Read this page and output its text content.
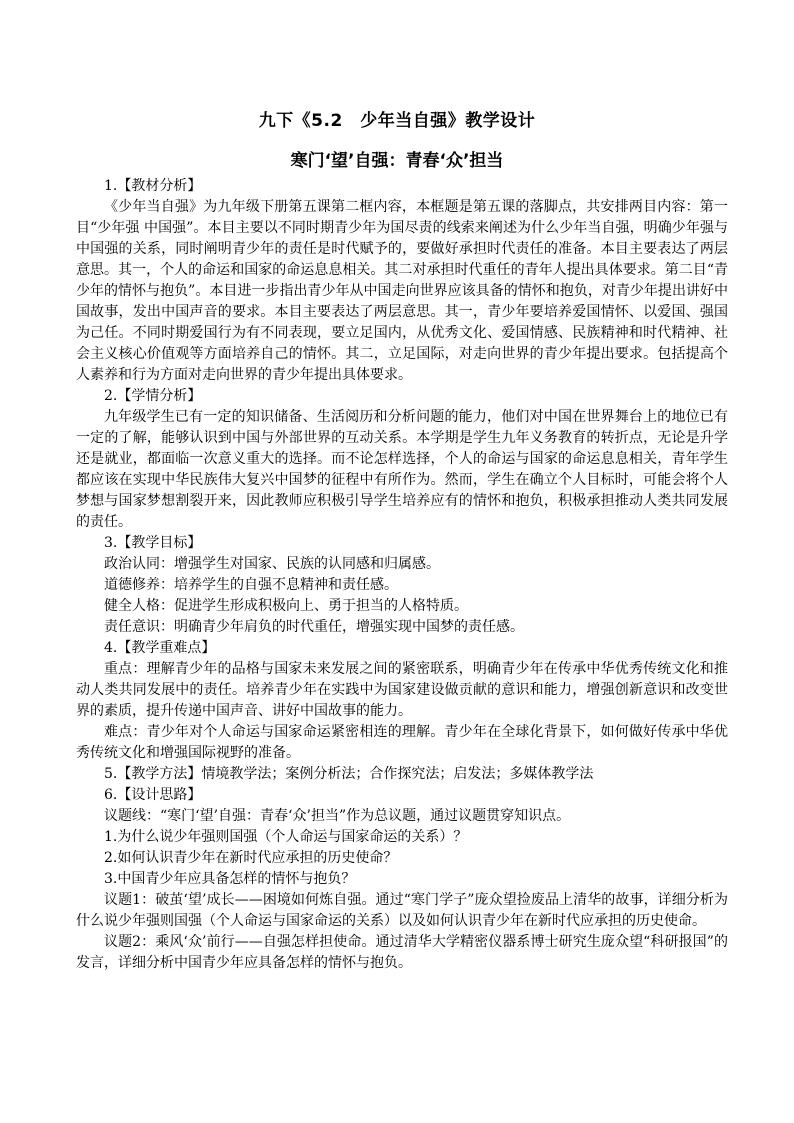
九下《5.2　少年当自强》教学设计
寒门‘望’自强：青春‘众’担当
1.【教材分析】
《少年当自强》为九年级下册第五课第二框内容，本框题是第五课的落脚点，共安排两目内容：第一目“少年强 中国强”。本目主要以不同时期青少年为国尽责的线索来阐述为什么少年当自强，明确少年强与中国强的关系，同时阐明青少年的责任是时代赋予的，要做好承担时代责任的准备。本目主要表达了两层意思。其一，个人的命运和国家的命运息息相关。其二对承担时代重任的青年人提出具体要求。第二目“青少年的情怀与抱负”。本目进一步指出青少年从中国走向世界应该具备的情怀和抱负，对青少年提出讲好中国故事，发出中国声音的要求。本目主要表达了两层意思。其一，青少年要培养爱国情怀、以爱国、强国为己任。不同时期爱国行为有不同表现，要立足国内，从优秀文化、爱国情感、民族精神和时代精神、社会主义核心价值观等方面培养自己的情怀。其二，立足国际，对走向世界的青少年提出要求。包括提高个人素养和行为方面对走向世界的青少年提出具体要求。
2.【学情分析】
九年级学生已有一定的知识储备、生活阅历和分析问题的能力，他们对中国在世界舞台上的地位已有一定的了解，能够认识到中国与外部世界的互动关系。本学期是学生九年义务教育的转折点，无论是升学还是就业，都面临一次意义重大的选择。而不论怎样选择，个人的命运与国家的命运息息相关，青年学生都应该在实现中华民族伟大复兴中国梦的征程中有所作为。然而，学生在确立个人目标时，可能会将个人梦想与国家梦想割裂开来，因此教师应积极引导学生培养应有的情怀和抱负，积极承担推动人类共同发展的责任。
3.【教学目标】
政治认同：增强学生对国家、民族的认同感和归属感。
道德修养：培养学生的自强不息精神和责任感。
健全人格：促进学生形成积极向上、勇于担当的人格特质。
责任意识：明确青少年肩负的时代重任，增强实现中国梦的责任感。
4.【教学重难点】
重点：理解青少年的品格与国家未来发展之间的紧密联系，明确青少年在传承中华优秀传统文化和推动人类共同发展中的责任。培养青少年在实践中为国家建设做贡献的意识和能力，增强创新意识和改变世界的素质，提升传递中国声音、讲好中国故事的能力。
难点：青少年对个人命运与国家命运紧密相连的理解。青少年在全球化背景下，如何做好传承中华优秀传统文化和增强国际视野的准备。
5.【教学方法】情境教学法；案例分析法；合作探究法；启发法；多媒体教学法
6.【设计思路】
议题线：“寒门‘望’自强：青春‘众’担当”作为总议题，通过议题贯穿知识点。
1.为什么说少年强则国强（个人命运与国家命运的关系）？
2.如何认识青少年在新时代应承担的历史使命？
3.中国青少年应具备怎样的情怀与抱负？
议题1：破茧‘望’成长——困境如何炼自强。通过“寒门学子”庞众望捡废品上清华的故事，详细分析为什么说少年强则国强（个人命运与国家命运的关系）以及如何认识青少年在新时代应承担的历史使命。
议题2：乘风‘众’前行——自强怎样担使命。通过清华大学精密仪器系博士研究生庞众望“科研报国”的发言，详细分析中国青少年应具备怎样的情怀与抱负。
